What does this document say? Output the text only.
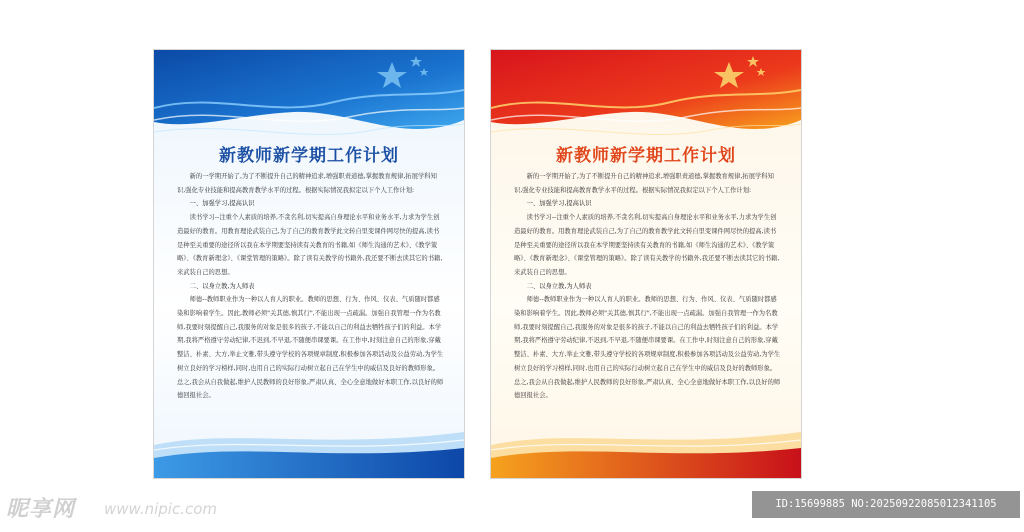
新教师新学期工作计划

新的一学期开始了,为了不断提升自己的精神追求,增强职责道德,掌握教育规律,拓展学科知识,强化专业技能和提高教育教学水平的过程。根据实际情况我拟定以下个人工作计划:

一、加强学习,提高认识

读书学习--注重个人素质的培养,不贪名利,切实提高自身理论水平和业务水平,力求为学生创造最好的教育。用教育理论武装自己,为了自己的教育教学此文转自里变课件网尽快的提高,读书是种至关重要的途径所以我在本学期要坚持读有关教育的书籍,如《师生沟通的艺术》、《教学策略》、《教育新理念》、《课堂管理的策略》。除了读有关教学的书籍外,我还要不断去读其它的书籍,来武装自己的思想。

二、以身立教,为人师表

师德--教师职业作为一种以人育人的职业。教师的思想、行为、作风、仪表、气质随时都感染和影响着学生。因此,教师必须"关其德,慎其行",不能出现一点疏漏。加强自我管理一作为名教师,我要时刻提醒自己,我服务的对象是很多的孩子,不能以自己的利益去牺牲孩子们的利益。本学期,我将严格遵守劳动纪律,不迟到,不早退,不随便串课要课。在工作中,时刻注意自己的形象,穿戴整洁、朴素、大方,举止文雅,带头遵守学校的各项规章制度,积极参加各项活动及公益劳动,为学生树立良好的学习榜样,同时,也用自己的实际行动树立起自己在学生中的威信及良好的教师形象。总之,我会从自我做起,维护人民教师的良好形象,严肃认真、全心全意地做好本职工作,以良好的师德回报社会。

新教师新学期工作计划

新的一学期开始了,为了不断提升自己的精神追求,增强职责道德,掌握教育规律,拓展学科知识,强化专业技能和提高教育教学水平的过程。根据实际情况我拟定以下个人工作计划:

一、加强学习,提高认识

读书学习--注重个人素质的培养,不贪名利,切实提高自身理论水平和业务水平,力求为学生创造最好的教育。用教育理论武装自己,为了自己的教育教学此文转自里变课件网尽快的提高,读书是种至关重要的途径所以我在本学期要坚持读有关教育的书籍,如《师生沟通的艺术》、《教学策略》、《教育新理念》、《课堂管理的策略》。除了读有关教学的书籍外,我还要不断去读其它的书籍,来武装自己的思想。

二、以身立教,为人师表

师德--教师职业作为一种以人育人的职业。教师的思想、行为、作风、仪表、气质随时都感染和影响着学生。因此,教师必须"关其德,慎其行",不能出现一点疏漏。加强自我管理一作为名教师,我要时刻提醒自己,我服务的对象是很多的孩子,不能以自己的利益去牺牲孩子们的利益。本学期,我将严格遵守劳动纪律,不迟到,不早退,不随便串课要课。在工作中,时刻注意自己的形象,穿戴整洁、朴素、大方,举止文雅,带头遵守学校的各项规章制度,积极参加各项活动及公益劳动,为学生树立良好的学习榜样,同时,也用自己的实际行动树立起自己在学生中的威信及良好的教师形象。总之,我会从自我做起,维护人民教师的良好形象,严肃认真、全心全意地做好本职工作,以良好的师德回报社会。

昵享网 www.nipic.com	ID:15699885 NO:20250922085012341105
